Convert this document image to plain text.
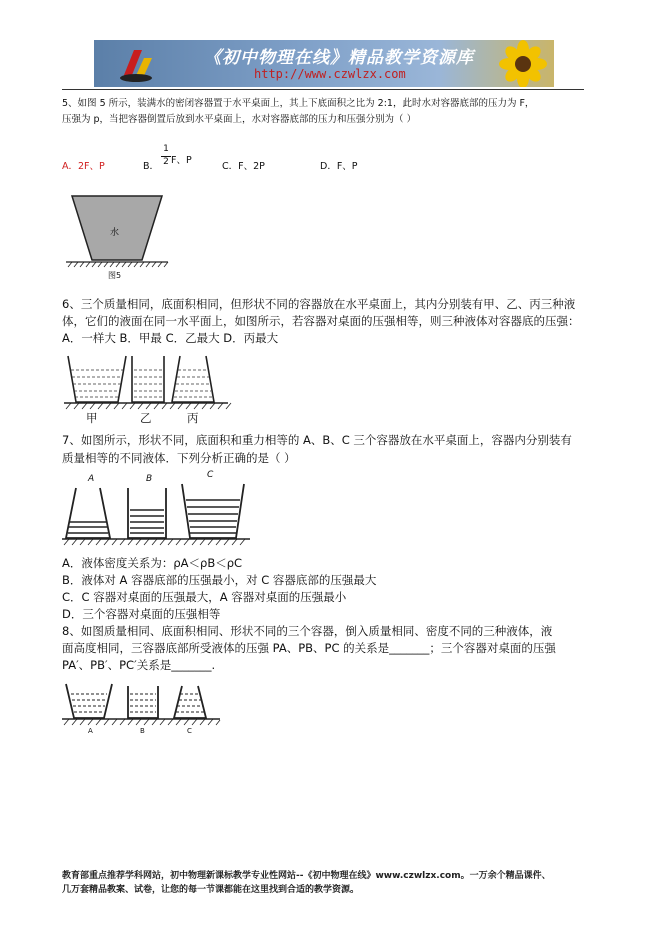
《初中物理在线》精品教学资源库
http://www.czwlzx.com
5、如图 5 所示，装满水的密闭容器置于水平桌面上，其上下底面积之比为 2:1，此时水对容器底部的压力为 F，
压强为 p，当把容器倒置后放到水平桌面上，水对容器底部的压力和压强分别为（ ）
A．2F、P	B．
1
2 F、P
C．F、2P	D．F、P
水
图5
6、三个质量相同，底面积相同，但形状不同的容器放在水平桌面上，其内分别装有甲、乙、丙三种液
体，它们的液面在同一水平面上，如图所示，若容器对桌面的压强相等，则三种液体对容器底的压强：
A．一样大 B．甲最 C．乙最大 D．丙最大
甲	乙	丙
7、如图所示，形状不同，底面积和重力相等的 A、B、C 三个容器放在水平桌面上，容器内分别装有
质量相等的不同液体．下列分析正确的是（ ）
A	B	C
A．液体密度关系为：ρA＜ρB＜ρC
B．液体对 A 容器底部的压强最小，对 C 容器底部的压强最大
C．C 容器对桌面的压强最大，A 容器对桌面的压强最小
D．三个容器对桌面的压强相等
8、如图质量相同、底面积相同、形状不同的三个容器，倒入质量相同、密度不同的三种液体，液
面高度相同，三容器底部所受液体的压强 PA、PB、PC 的关系是_______；三个容器对桌面的压强
PA′、PB′、PC′关系是_______.
A	B	C
教育部重点推荐学科网站，初中物理新课标教学专业性网站--《初中物理在线》www.czwlzx.com。一万余个精品课件、
几万套精品教案、试卷，让您的每一节课都能在这里找到合适的教学资源。
